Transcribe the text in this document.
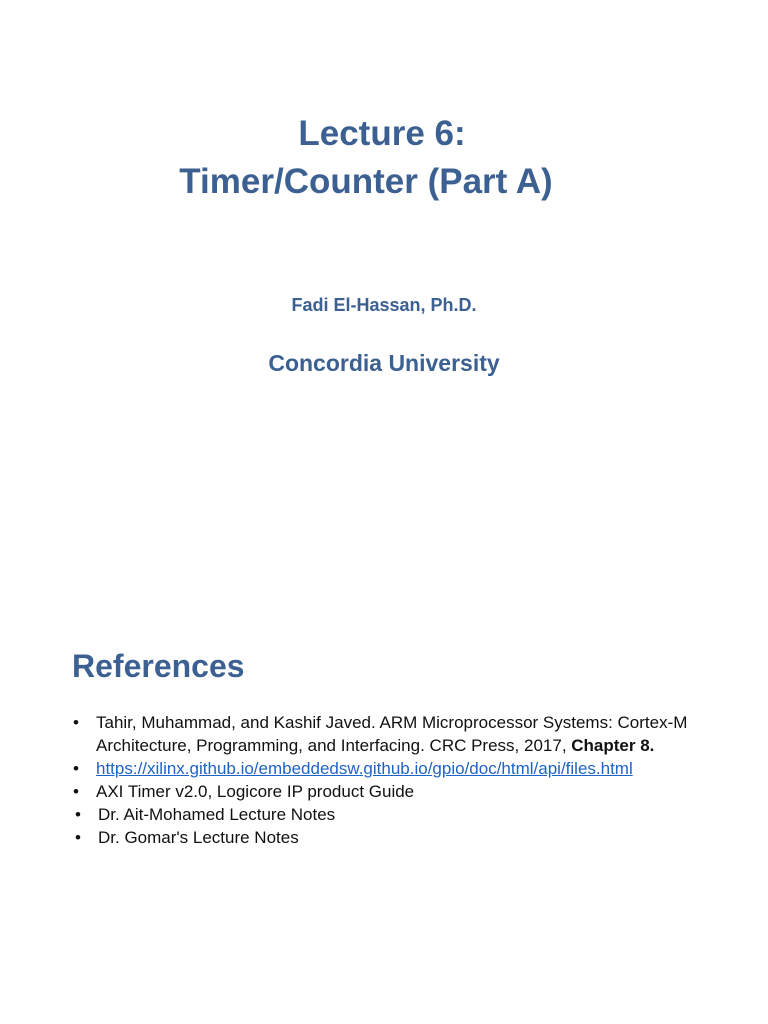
Lecture 6:
Timer/Counter (Part A)
Fadi El-Hassan, Ph.D.
Concordia University
References
• Tahir, Muhammad, and Kashif Javed. ARM Microprocessor Systems: Cortex-M Architecture, Programming, and Interfacing. CRC Press, 2017, Chapter 8.
• https://xilinx.github.io/embeddedsw.github.io/gpio/doc/html/api/files.html
• AXI Timer v2.0, Logicore IP product Guide
• Dr. Ait-Mohamed Lecture Notes
• Dr. Gomar's Lecture Notes
